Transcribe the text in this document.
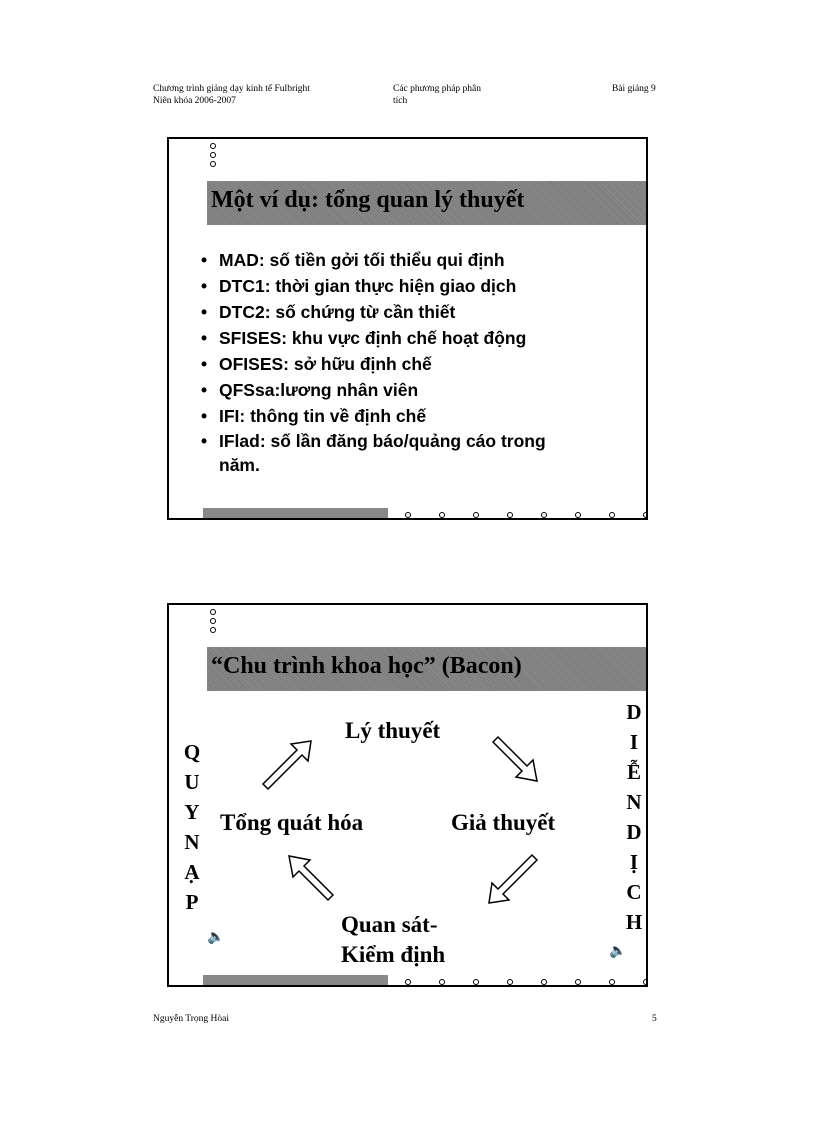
Chương trình giảng dạy kinh tế Fulbright
Niên khóa 2006-2007
Các phương pháp phân
tích
Bài giảng 9
Một ví dụ: tổng quan lý thuyết
• MAD: số tiền gởi tối thiểu qui định
• DTC1: thời gian thực hiện giao dịch
• DTC2: số chứng từ cần thiết
• SFISES: khu vực định chế hoạt động
• OFISES: sở hữu định chế
• QFSsa:lương nhân viên
• IFI: thông tin về định chế
• IFlad: số lần đăng báo/quảng cáo trong
năm.
“Chu trình khoa học” (Bacon)
Lý thuyết
Giả thuyết
Tổng quát hóa
Quan sát-
Kiểm định
Q
U
Y
N
Ạ
P
D
I
Ễ
N
D
Ị
C
H
🔈
🔈
Nguyễn Trọng Hòai	5
